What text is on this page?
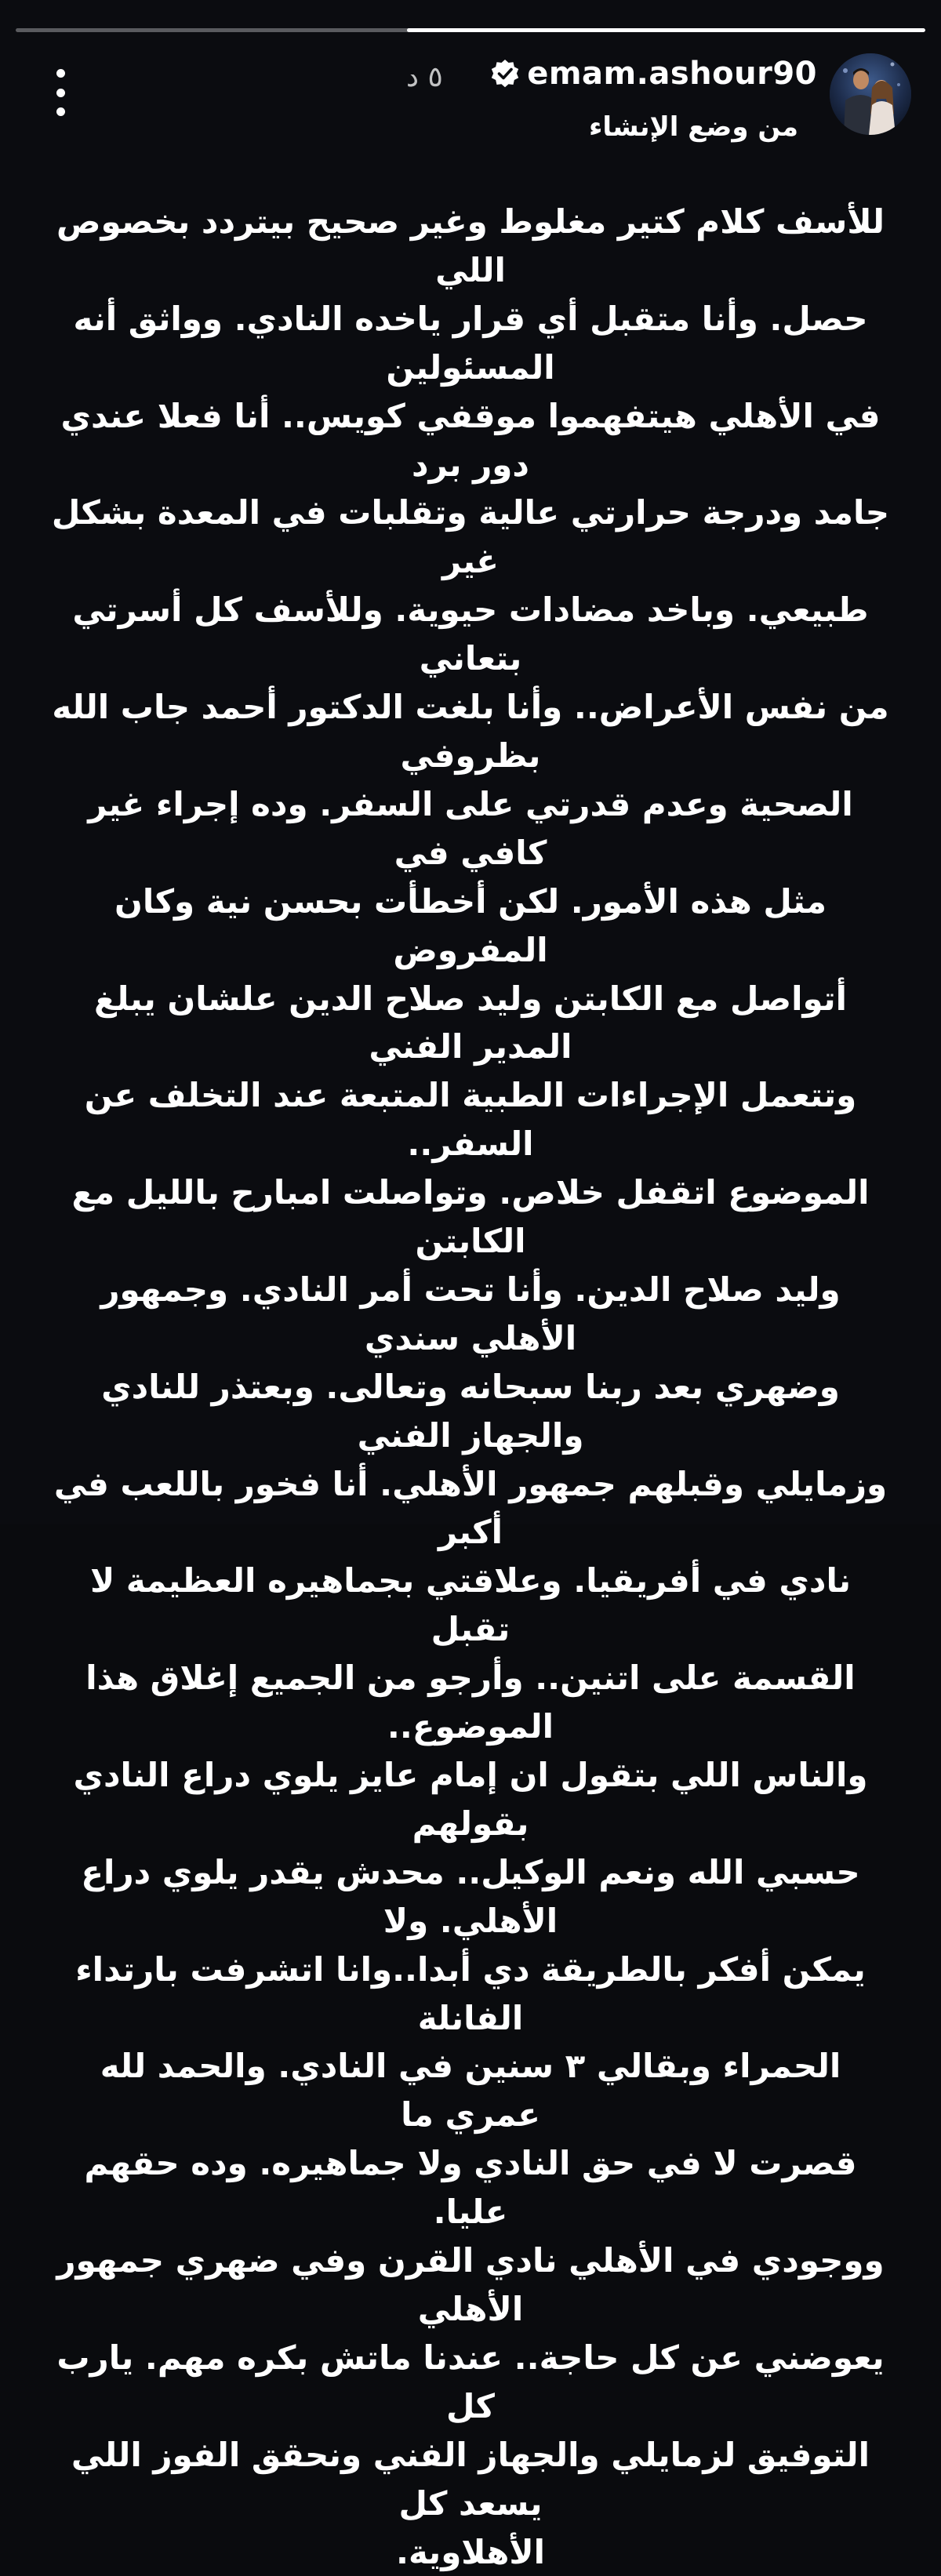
emam.ashour90
٥ د
من وضع الإنشاء

للأسف كلام كتير مغلوط وغير صحيح بيتردد بخصوص اللي
حصل. وأنا متقبل أي قرار ياخده النادي. وواثق أنه المسئولين
في الأهلي هيتفهموا موقفي كويس.. أنا فعلا عندي دور برد
جامد ودرجة حرارتي عالية وتقلبات في المعدة بشكل غير
طبيعي. وباخد مضادات حيوية. وللأسف كل أسرتي بتعاني
من نفس الأعراض.. وأنا بلغت الدكتور أحمد جاب الله بظروفي
الصحية وعدم قدرتي على السفر. وده إجراء غير كافي في
مثل هذه الأمور. لكن أخطأت بحسن نية وكان المفروض
أتواصل مع الكابتن وليد صلاح الدين علشان يبلغ المدير الفني
وتتعمل الإجراءات الطبية المتبعة عند التخلف عن السفر..
الموضوع اتقفل خلاص. وتواصلت امبارح بالليل مع الكابتن
وليد صلاح الدين. وأنا تحت أمر النادي. وجمهور الأهلي سندي
وضهري بعد ربنا سبحانه وتعالى. وبعتذر للنادي والجهاز الفني
وزمايلي وقبلهم جمهور الأهلي. أنا فخور باللعب في أكبر
نادي في أفريقيا. وعلاقتي بجماهيره العظيمة لا تقبل
القسمة على اتنين.. وأرجو من الجميع إغلاق هذا الموضوع..
والناس اللي بتقول ان إمام عايز يلوي دراع النادي بقولهم
حسبي الله ونعم الوكيل.. محدش يقدر يلوي دراع الأهلي. ولا
يمكن أفكر بالطريقة دي أبدا..وانا اتشرفت بارتداء الفانلة
الحمراء وبقالي ٣ سنين في النادي. والحمد لله عمري ما
قصرت لا في حق النادي ولا جماهيره. وده حقهم عليا.
ووجودي في الأهلي نادي القرن وفي ضهري جمهور الأهلي
يعوضني عن كل حاجة.. عندنا ماتش بكره مهم. يارب كل
التوفيق لزمايلي والجهاز الفني ونحقق الفوز اللي يسعد كل
الأهلاوية.
